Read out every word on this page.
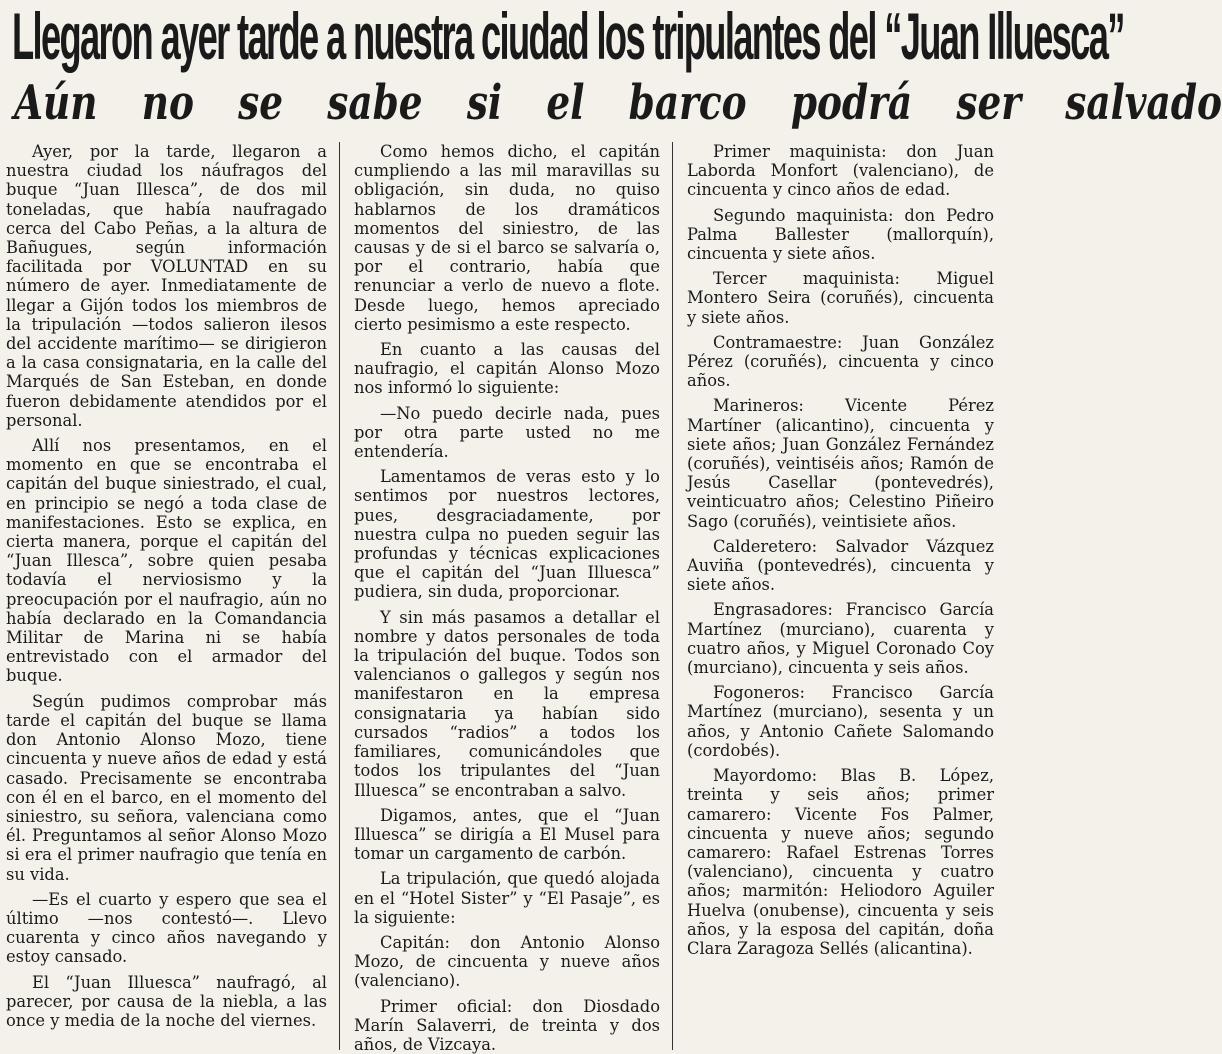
Llegaron ayer tarde a nuestra ciudad los tripulantes del “Juan Illuesca”
Aún no se sabe si el barco podrá ser salvado

Ayer, por la tarde, llegaron a nuestra ciudad los náufragos del buque “Juan Illesca”, de dos mil toneladas, que había naufragado cerca del Cabo Peñas, a la altura de Bañugues, según información facilitada por VOLUNTAD en su número de ayer. Inmediatamente de llegar a Gijón todos los miembros de la tripulación —todos salieron ilesos del accidente marítimo— se dirigieron a la casa consignataria, en la calle del Marqués de San Esteban, en donde fueron debidamente atendidos por el personal.

Allí nos presentamos, en el momento en que se encontraba el capitán del buque siniestrado, el cual, en principio se negó a toda clase de manifestaciones. Esto se explica, en cierta manera, porque el capitán del “Juan Illesca”, sobre quien pesaba todavía el nerviosismo y la preocupación por el naufragio, aún no había declarado en la Comandancia Militar de Marina ni se había entrevistado con el armador del buque.

Según pudimos comprobar más tarde el capitán del buque se llama don Antonio Alonso Mozo, tiene cincuenta y nueve años de edad y está casado. Precisamente se encontraba con él en el barco, en el momento del siniestro, su señora, valenciana como él. Preguntamos al señor Alonso Mozo si era el primer naufragio que tenía en su vida.

—Es el cuarto y espero que sea el último —nos contestó—. Llevo cuarenta y cinco años navegando y estoy cansado.

El “Juan Illuesca” naufragó, al parecer, por causa de la niebla, a las once y media de la noche del viernes.

Como hemos dicho, el capitán cumpliendo a las mil maravillas su obligación, sin duda, no quiso hablarnos de los dramáticos momentos del siniestro, de las causas y de si el barco se salvaría o, por el contrario, había que renunciar a verlo de nuevo a flote. Desde luego, hemos apreciado cierto pesimismo a este respecto.

En cuanto a las causas del naufragio, el capitán Alonso Mozo nos informó lo siguiente:

—No puedo decirle nada, pues por otra parte usted no me entendería.

Lamentamos de veras esto y lo sentimos por nuestros lectores, pues, desgraciadamente, por nuestra culpa no pueden seguir las profundas y técnicas explicaciones que el capitán del “Juan Illuesca” pudiera, sin duda, proporcionar.

Y sin más pasamos a detallar el nombre y datos personales de toda la tripulación del buque. Todos son valencianos o gallegos y según nos manifestaron en la empresa consignataria ya habían sido cursados “radios” a todos los familiares, comunicándoles que todos los tripulantes del “Juan Illuesca” se encontraban a salvo.

Digamos, antes, que el “Juan Illuesca” se dirigía a El Musel para tomar un cargamento de carbón.

La tripulación, que quedó alojada en el “Hotel Sister” y “El Pasaje”, es la siguiente:

Capitán: don Antonio Alonso Mozo, de cincuenta y nueve años (valenciano).

Primer oficial: don Diosdado Marín Salaverri, de treinta y dos años, de Vizcaya.

Primer maquinista: don Juan Laborda Monfort (valenciano), de cincuenta y cinco años de edad.

Segundo maquinista: don Pedro Palma Ballester (mallorquín), cincuenta y siete años.

Tercer maquinista: Miguel Montero Seira (coruñés), cincuenta y siete años.

Contramaestre: Juan González Pérez (coruñés), cincuenta y cinco años.

Marineros: Vicente Pérez Martíner (alicantino), cincuenta y siete años; Juan González Fernández (coruñés), veintiséis años; Ramón de Jesús Casellar (pontevedrés), veinticuatro años; Celestino Piñeiro Sago (coruñés), veintisiete años.

Calderetero: Salvador Vázquez Auviña (pontevedrés), cincuenta y siete años.

Engrasadores: Francisco García Martínez (murciano), cuarenta y cuatro años, y Miguel Coronado Coy (murciano), cincuenta y seis años.

Fogoneros: Francisco García Martínez (murciano), sesenta y un años, y Antonio Cañete Salomando (cordobés).

Mayordomo: Blas B. López, treinta y seis años; primer camarero: Vicente Fos Palmer, cincuenta y nueve años; segundo camarero: Rafael Estrenas Torres (valenciano), cincuenta y cuatro años; marmitón: Heliodoro Aguiler Huelva (onubense), cincuenta y seis años, y la esposa del capitán, doña Clara Zaragoza Sellés (alicantina).
